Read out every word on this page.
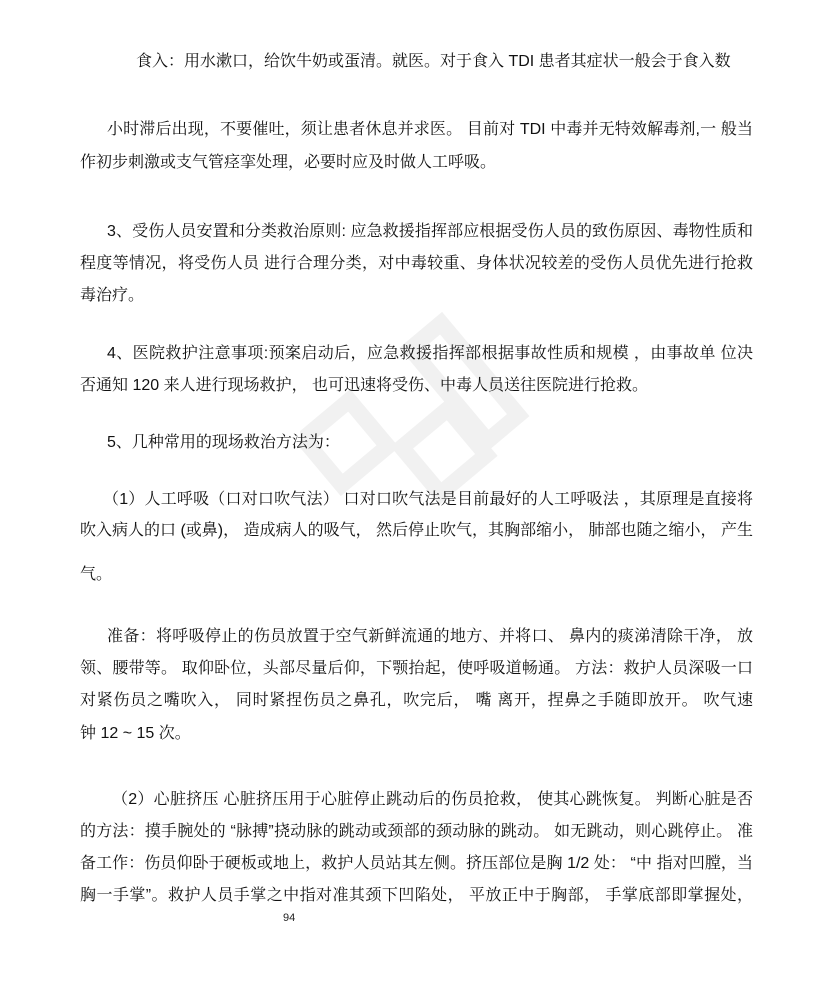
食入：用水漱口，给饮牛奶或蛋清。就医。对于食入 TDI 患者其症状一般会于食入数
小时滞后出现，不要催吐，须让患者休息并求医。 目前对 TDI 中毒并无特效解毒剂,一 般当
作初步刺激或支气管痉挛处理，必要时应及时做人工呼吸。
3、受伤人员安置和分类救治原则: 应急救援指挥部应根据受伤人员的致伤原因、毒物性质和
程度等情况，将受伤人员 进行合理分类，对中毒较重、身体状况较差的受伤人员优先进行抢救
毒治疗。
4、医院救护注意事项:预案启动后，应急救援指挥部根据事故性质和规模 ，由事故单 位决
否通知 120 来人进行现场救护， 也可迅速将受伤、中毒人员送往医院进行抢救。
5、几种常用的现场救治方法为：
（1）人工呼吸（口对口吹气法） 口对口吹气法是目前最好的人工呼吸法 ，其原理是直接将
吹入病人的口 (或鼻)， 造成病人的吸气， 然后停止吹气，其胸部缩小， 肺部也随之缩小， 产生
气。
准备：将呼吸停止的伤员放置于空气新鲜流通的地方、并将口、 鼻内的痰涕清除干净， 放
领、腰带等。 取仰卧位，头部尽量后仰，下颚抬起，使呼吸道畅通。 方法：救护人员深吸一口
对紧伤员之嘴吹入， 同时紧捏伤员之鼻孔，吹完后， 嘴 离开，捏鼻之手随即放开。 吹气速
钟 12 ~ 15 次。
（2）心脏挤压 心脏挤压用于心脏停止跳动后的伤员抢救， 使其心跳恢复。 判断心脏是否
的方法：摸手腕处的 “脉搏”挠动脉的跳动或颈部的颈动脉的跳动。 如无跳动，则心跳停止。 准
备工作：伤员仰卧于硬板或地上，救护人员站其左侧。挤压部位是胸 1/2 处： “中 指对凹膛，当
胸一手掌”。救护人员手掌之中指对准其颈下凹陷处， 平放正中于胸部， 手掌底部即掌握处，
94
